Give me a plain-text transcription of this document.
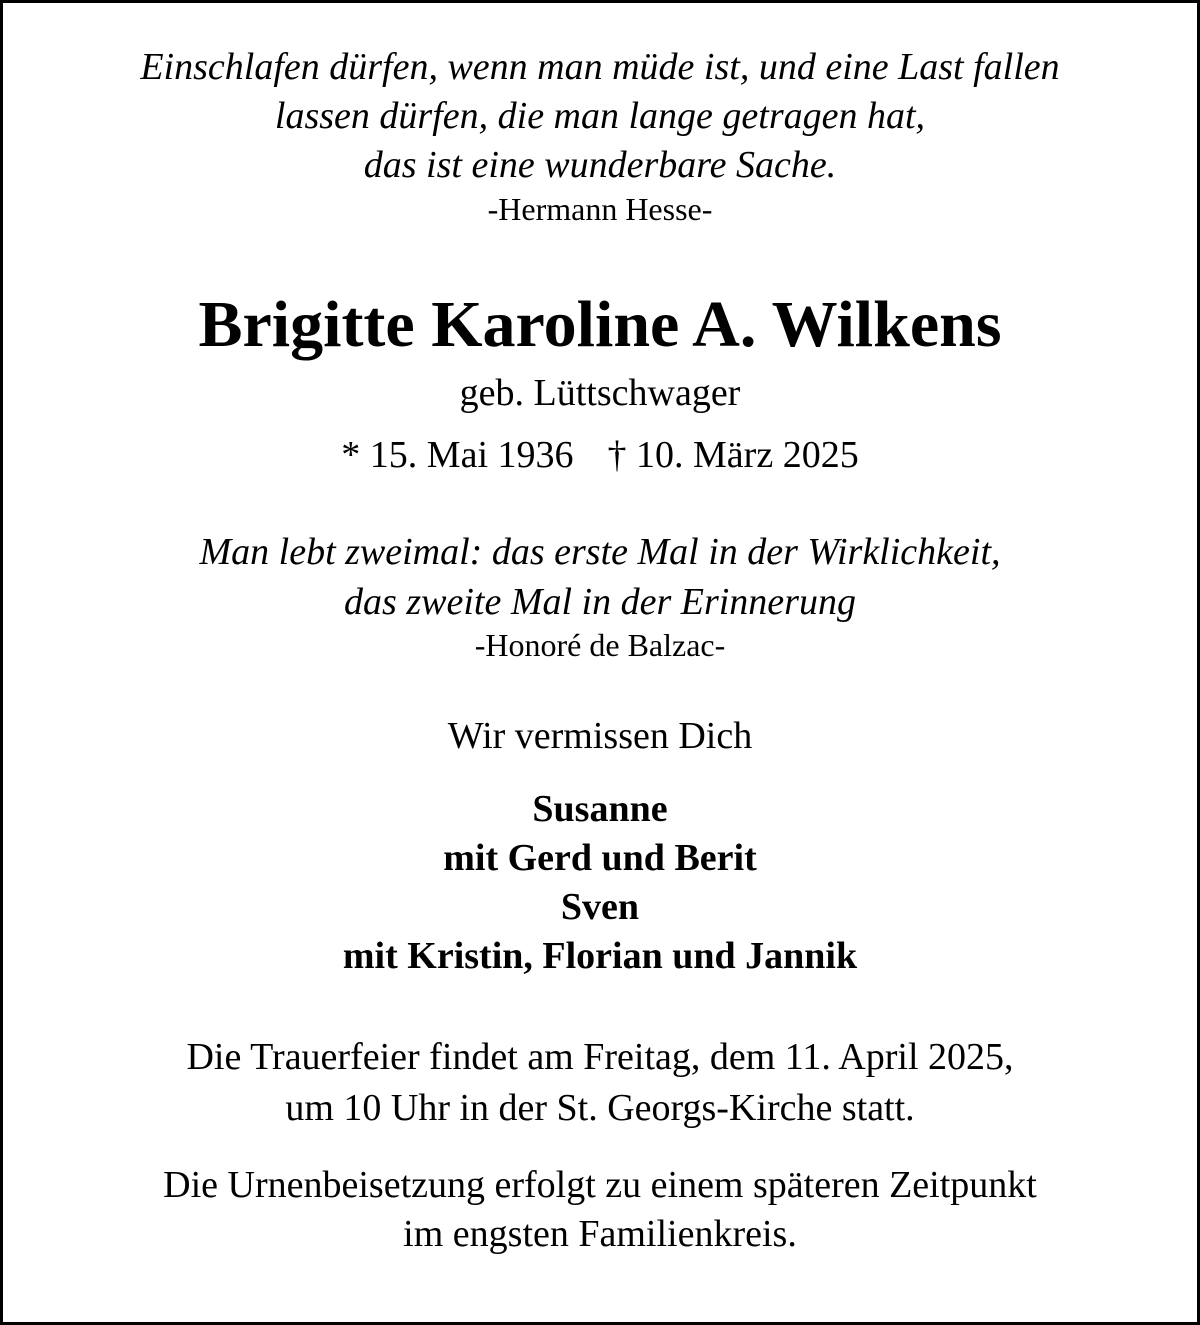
Einschlafen dürfen, wenn man müde ist, und eine Last fallen
lassen dürfen, die man lange getragen hat,
das ist eine wunderbare Sache.
-Hermann Hesse-
Brigitte Karoline A. Wilkens
geb. Lüttschwager
* 15. Mai 1936 † 10. März 2025
Man lebt zweimal: das erste Mal in der Wirklichkeit,
das zweite Mal in der Erinnerung
-Honoré de Balzac-
Wir vermissen Dich
Susanne
mit Gerd und Berit
Sven
mit Kristin, Florian und Jannik
Die Trauerfeier findet am Freitag, dem 11. April 2025,
um 10 Uhr in der St. Georgs-Kirche statt.
Die Urnenbeisetzung erfolgt zu einem späteren Zeitpunkt
im engsten Familienkreis.
